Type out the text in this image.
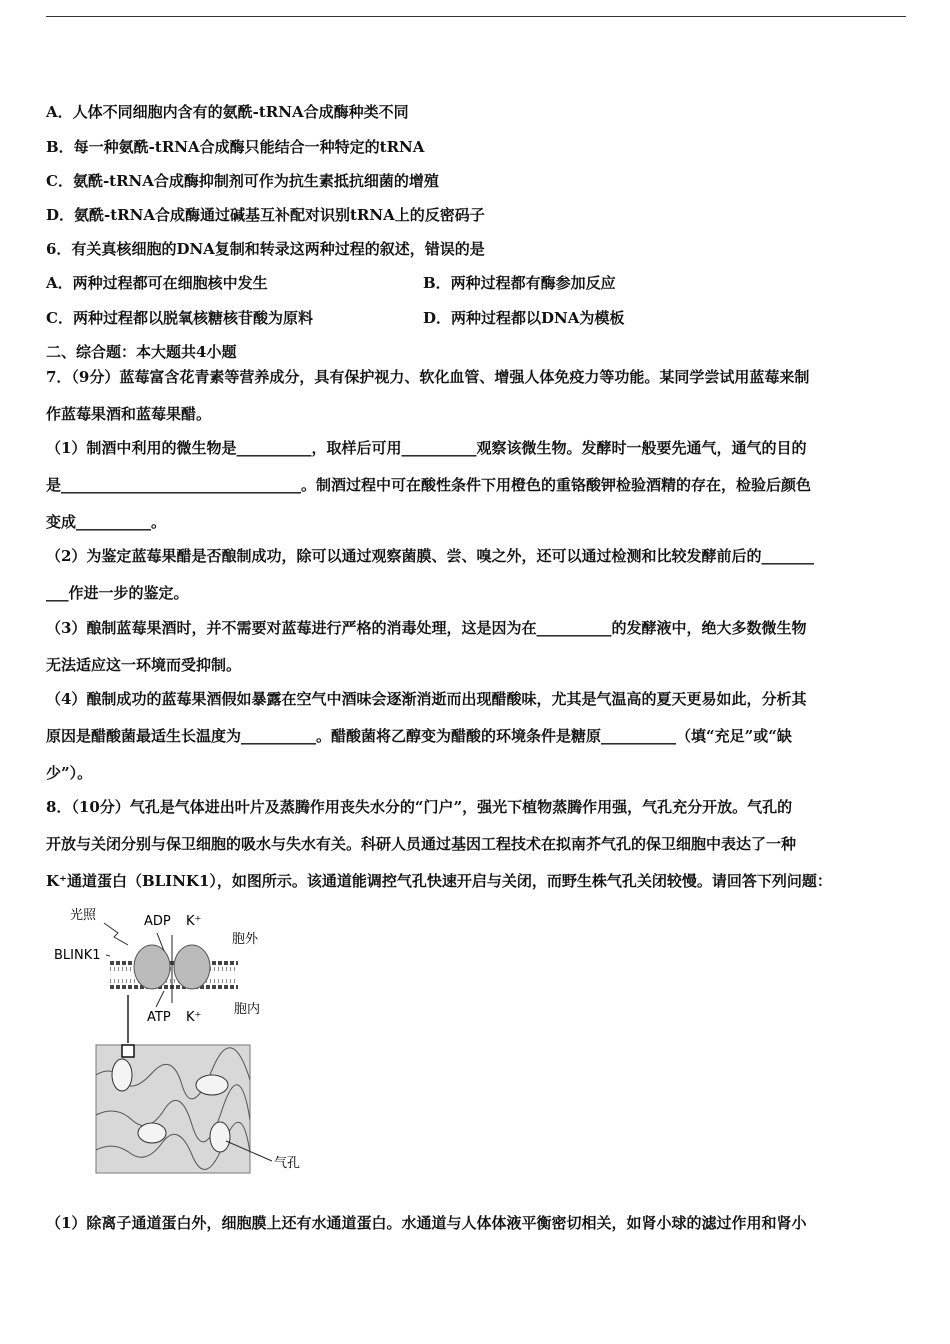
A．人体不同细胞内含有的氨酰-tRNA合成酶种类不同
B．每一种氨酰-tRNA合成酶只能结合一种特定的tRNA
C．氨酰-tRNA合成酶抑制剂可作为抗生素抵抗细菌的增殖
D．氨酰-tRNA合成酶通过碱基互补配对识别tRNA上的反密码子
6．有关真核细胞的DNA复制和转录这两种过程的叙述，错误的是
A．两种过程都可在细胞核中发生	B．两种过程都有酶参加反应
C．两种过程都以脱氧核糖核苷酸为原料	D．两种过程都以DNA为模板
二、综合题：本大题共4小题
7．（9分）蓝莓富含花青素等营养成分，具有保护视力、软化血管、增强人体免疫力等功能。某同学尝试用蓝莓来制
作蓝莓果酒和蓝莓果醋。
（1）制酒中利用的微生物是__________，取样后可用__________观察该微生物。发酵时一般要先通气，通气的目的
是________________________________。制酒过程中可在酸性条件下用橙色的重铬酸钾检验酒精的存在，检验后颜色
变成__________。
（2）为鉴定蓝莓果醋是否酿制成功，除可以通过观察菌膜、尝、嗅之外，还可以通过检测和比较发酵前后的_______
___作进一步的鉴定。
（3）酿制蓝莓果酒时，并不需要对蓝莓进行严格的消毒处理，这是因为在__________的发酵液中，绝大多数微生物
无法适应这一环境而受抑制。
（4）酿制成功的蓝莓果酒假如暴露在空气中酒味会逐渐消逝而出现醋酸味，尤其是气温高的夏天更易如此，分析其
原因是醋酸菌最适生长温度为__________。醋酸菌将乙醇变为醋酸的环境条件是糖原__________（填“充足”或“缺
少”）。
8．（10分）气孔是气体进出叶片及蒸腾作用丧失水分的“门户”，强光下植物蒸腾作用强，气孔充分开放。气孔的
开放与关闭分别与保卫细胞的吸水与失水有关。科研人员通过基因工程技术在拟南芥气孔的保卫细胞中表达了一种
K⁺通道蛋白（BLINK1），如图所示。该通道能调控气孔快速开启与关闭，而野生株气孔关闭较慢。请回答下列问题：
光照	ADP K⁺
胞外
BLINK1
ATP K⁺
胞内
气孔
（1）除离子通道蛋白外，细胞膜上还有水通道蛋白。水通道与人体体液平衡密切相关，如肾小球的滤过作用和肾小
